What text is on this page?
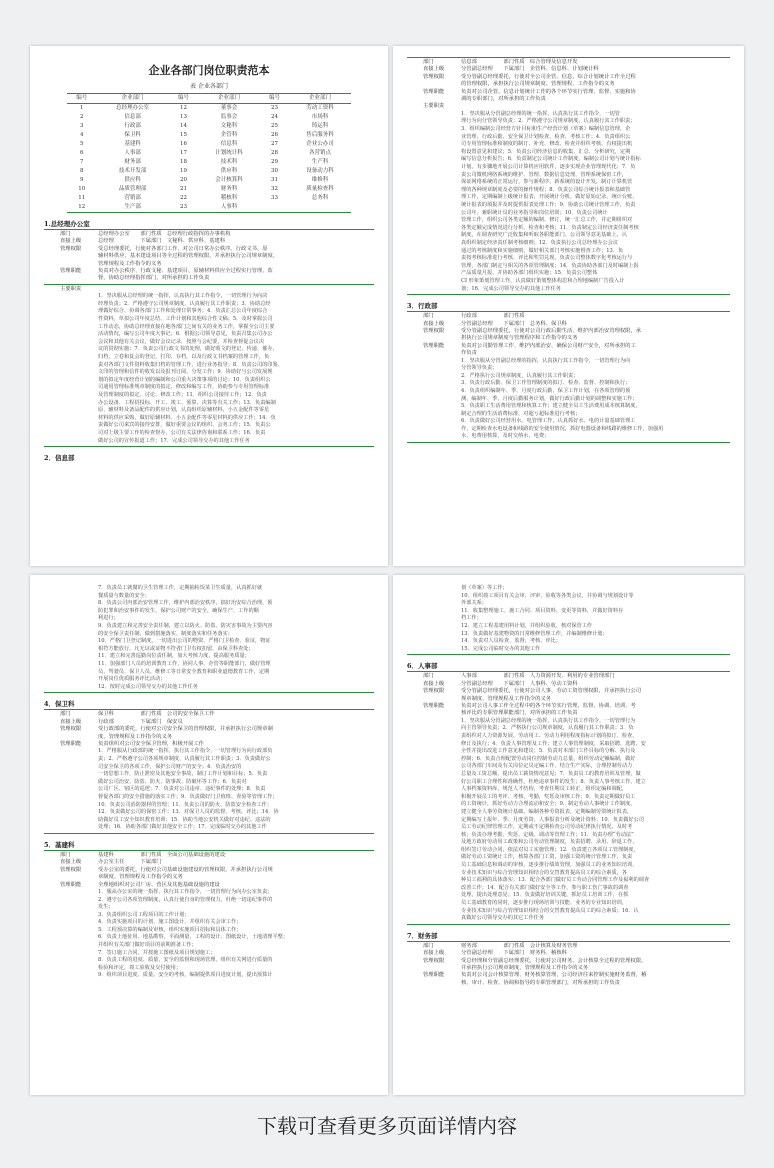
企业各部门岗位职责范本
表 企业各部门
编号	企业部门	编号	企业部门	编号	企业部门
1	总经理办公室	12	董事会	23	劳动工资科
2	信息部	13	监事会	24	市场科
3	行政部	14	文秘科	25	铸运科
4	保卫科	15	企管科	26	售后服务科
5	基建科	16	信息科	27	企业公办司
6	人事部	17	计划统计科	28	各营销点
7	财务部	18	技术科	29	生产科
8	技术开发部	19	供应科	30	设备动力科
9	供应科	20	会计核算科	31	维修科
10	品质管理部	21	财务科	32	质量检查科
11	营销部	22	稽核科	33	总务科
12	生产部	23	人事科		
1.总经理办公室
部门	总经理办公室　　部门性质　总经理行政指挥的办事机构
直接上级	总经理　　　　　下属部门　文秘科、供应科、基建科
管理权限	受总经理委托，行使对各部门工作、对公司日常办公秩序、行政文书、原
辅材料供应、基本建设项目等全过程的管理权限，并承担执行公司规章制度、
管理规程及工作指令的义务
管理职能	负责对办公秩序、行政文秘、基建项目、原辅材料供应全过程实行管理、监
督，协助总经理指挥部门，对所承担的工作负责
主要职责
1．坚决服从总经理的统一指挥，认真执行其工作指令，一切管理行为向决
经理负责；2．严格遵守公司规章制度，认真履行其工作职责；3．协助总经
理做好综合、协调各部门工作和处理日常事务；4．负责汇总公司年度综合
性资料，草拟公司年度总结、工作计划和其他综合性文稿；5．及时掌握公司
工作动态，协助总经理直接在地各部门之间有关的业务工作，掌握全公司主要
活动情况，编写公司年度大事记；6．根据公司领导意见，负责召集公司办公
会议和其他有关会议，做好会议记录，按照与会纪要，并检查督促会议决
议的贯彻实施；7．负责公司行政文书的处理，做好收文的登记、传递、催办、
归档，立卷和复会的登记、打印、存档，以及行政文书档案的管理工作，负
责对各部门文件资料收集归档的管理工作，进行业务指导；8．负责公司的印鉴、
文印的管理和信件的收发以及报刊订阅、分发工作；9．协助好与公司发展规
划的拟定年度经营计划的编制和公司重大决策事项的讨论；10．负责组织公
司通用管理标准规章制度的拟定、修改和编写工作，协助参与专用管理标准
及管理制度的拟定、讨论、修改工作；11．组织公司接待工作；12．负责
办公设备、工程招投标、开工、竣工、预算、决算等有关工作；13．负责编制
原、辅材料及备品配件的供应计划，认真组织原辅材料，小五金配件等零星
材料的供应采购，做好原辅材料、小五金配件等零星材料的供应工作；14．负
责做好公司来宾的接待安排，做好重要会议的组织、会务工作；15．负责公
司对上级主要工作的检查督办，公司有关法律咨询和联系工作；16．负责
做好公司的宣传报道工作；17．完成公司领导交办的其他工作任务
2．信息部
部门	信息部　　　　　部门性质　综合管理及信息开发
直接上级	分管副总经理　　下属部门　企管科、信息科、计划统计科
管理权限	受分管副总经理委托，行使对全公司企管、信息、综合计划统计工作全过程
的管理权限，承担执行公司规章制度、管理规程、工作指令的义务
管理职能	负责对公司企管、信息计划统计工作的各个环节实行管理、监督、实施和协
调的专职部门，对所承担的工作负责
主要职责
1．坚决服从分管副总经理的统一指挥，认真执行其工作指令，一切管
理行为向分管领导负责；2．严格遵守公司规章制度，认真履行其工作职责；
3．组织编制公司经营方针目标和生产经营计划（草案）编制信息管理、企
业管理、行政后勤、安全保卫计划检查、检查、考核工作；4．负责组织公
司专用管理标准和制度的制订、补充、修改、检查并组织考核，有权提出机
构设置意见和建议；5．负责公司经济信息的收集、汇总、分析研究，定期
编写信息分析报告；6．负责制定公司统计工作制度，编制公司计划与统计指标
计划，有步骤地开展公司计算机应用软件，逐步实现企业管理现代化；7．负
责公司微机网络系统的维护、管理、数据信息处理，管理系统保密工作，
保证网络系统的正常运行，参与新程序，新系统的设计开发，制订计算机管
理的各种规章制度及必要的操作规程；8．负责公司综合统计报表和基础管
理工作，定期编制上级统计报表，开展统计分析，做好原始记录、统计台账、
统计报表的填报并及时提供报表处理工作；9．协助公司统计管理工作，负责
公司年、兼职统计员的业务指导和岗位培训；10．负责公司统计
管理工作，组织公司各类定额的编制、修订，统一汇总工作，并定期组织对
各类定额完成情况进行分析、检查和考核；11．负责制定公司经济责任制考核
制度，在调查研究广泛收集和听取各职能部门、公司领导意见基础上，认
真组织制定经济责任制考核细则；12．负责执行公司总经理办公会议
通过的考核制度和实施细则，做好相关部门考核实施督查工作；13．负
责按考核标准进行考核、评比和奖罚兑现，负责公司整体数字化考核运行与
管理，各部门制定与相关的各项管理制度；14．负责协助各部门及时编制上报
产品质量月报，并协助各部门组织实施；15．负责公司整体
CI 形象策划管理工作，认真做好策划整体构思和合理地编制广告投入计
划；16．完成公司领导交办的其他工作任务
3．行政部
部门	行政部　　　　　部门性质
直接上级	分管副总经理　　下属部门　总务科、保卫科
管理权限	受分管副总经理委托，行使对公司行政后勤生活、维护内部治安管理权限，承
担执行公司规章制度与管理程序和工作指令的义务
管理职能	负责对公司勤管理工作、维护内部治安、确保公司财产安全，对所承担的工
作负责
1．坚决服从分管副总经理的指挥，认真执行其工作指令，一切管理行为向
分管领导负责；
2．严格执行公司规章制度，认真履行其工作职责；
3．负责行政后勤、保卫工作管理制度的拟订、检查、监督、控制和执行；
4．负责组织编制年、季、月度行政后勤、保卫工作计划，在各项管理的预
测、编制年、季、月度后勤服务计划，做好行政后勤计划的调整和实施工作；
5．负责职工生活费用管理和核算工作；建立健全员工生活费用成本核算制度，
制定合理的生活消费标准，对超亏超标准进行考核；
6．负责做好公司经营用水、电管理工作，认真抓好水、电的计量基础管理工
作，定期检查水电设备和线路的安全使用情况，抓好电器设备和线路的维修工作，加强用
水、电费用核算，及时交纳水、电费；
7．负责员工就餐的卫生管理工作，定期抽检饭菜卫生质量，认真抓好就
餐质量与数量的安全；
8．负责公司内部治安管理工作，维护内部治安秩序，搞好治安综合治理，预
防犯罪和治安事件的发生，保护公司财产的安全，确保生产、工作的顺
利进行；
9．负责建立和完善安全责任制，建立以防火、防盗、防灾害事故为主要内容
的安全保卫责任制，做到措施落实、制度落实和任务落实；
10．严格门卫登记制度，一切进出公司的物资、严格门卫检查、验证，物证
相符方能放行，凡无证或证物不符者门卫有权扣留，由保卫科查处；
11．建立和完善巡勤岗位责任制，加大考核力度，提高服务质量；
11．加强部门人员的培训教育工作，协同人事、企管等职能部门，做好管理
员、驾驶员、保卫人员、维修工等日常安全教育和职业道德教育工作，定期
开展岗位优质服务评比活动；
12．按时完成公司领导交办的其他工作任务
4．保卫科
部门	保卫科　　　　　部门性质　公司的安全保卫工作
直接上级	行政部　　　　　下属部门　保安员
管理权限	受行政部的委托，行使对公司安全保卫的管理权限，并承担执行公司规章制
度、管理规程及工作指令的义务
管理职能	负责组织对公司安全保卫管理，积极开展工作
1．严格服从行政部的统一指挥，执行其工作指令，一切管理行为向行政部负
责；2．严格遵守公司各项规章制度，认真履行其工作职责；3．负责做好公
司安全保卫的各项工作，保护公司财产的安全；4．负责治安的
一切思想工作，防止泄密及其他安全事故，制订工作计划和目标；5．负责
做好公司治安、防盗、防火、防事故、防破坏等工作；6．负责对
公司厂区、宿区的巡逻；7．负责对公司违章、违纪事件的处理；8．负责
督促各部门的安全措施的落实工作；9．负责做好门卫值班、查验等管理工作；
10．负责公司消防器材的管理；11．负责公司的防火、防盗安全检查工作；
12．负责做好公司的保密工作；13．对保卫人员的监督、考核、评比；14．协
助做好员工安全知识教育培训；15．协助当地公安机关做好对违纪、违法的
处理；16．协助各部门做好其他安全工作；17．完成临时交办的其他工作
5．基建科
部门	基建科　　　　　部门性质　全面公司基础设施的建设
直接上级	办公室主任　　　下属部门
管理权限	受办公室的委托，行使对公司基础设施建设的管理权限，并承担执行公司规
章制度、管理规程及工作指令的义务
管理职能	全理地组织对公司厂房、营区及其他基础设施的建设
1．服从办公室的统一指挥，执行其工作指令，一切管理行为向办公室负责；
2．遵守公司各项管理制度，认真行使自身的管理权力，杜绝一切违纪事件的
发生；
3．负责组织公司工程项目的工作计划；
4．负责实施项目的计划、施工图设计，并组织有关会审工作；
5．工程预决算的编制及审核，组织实施项目招标和具体工作；
6．负责土地征用、地基勘察，平面测量，工程的设计、图纸设计，土地清理平整；
并组织有关部门做好项目的前期准备工作；
7．签订施工合同，并按施工图纸及项目规划施工；
8．负责工程的进度、质量、安全的监督和现场管理，组织有关网进行质量的
检验和评定，竣工验收及交付使用；
9．组织项目进度、质量、安全的考核，编制提供项目进度计划，提出预算计
划（草案）等工作；
10．组织竣工项目有关会审、评审、验收等各类会议，并协调与规划设计等
外部关系；
11．收集整理施工、施工合同、项目资料、变更等资料，并做好资料存
档工作；
12．建立工程基建用料计划，并组织验收、核对保管工作
13．负责做好基建物资的日常维修管理工作，并编制维修计划；
14．负责对人员检查、监督、考核、评比；
15．完成公司临时交办的其他工作
6．人事部
部门	人事部　　　　　部门性质　人力资源开发、利用的专业管理部门
直接上级	分管副总经理　　下属部门　人事科、劳动工资科
管理权限	受分管副总经理委托，行使对公司人事、劳动工资管理权限，并承担执行公司
规章制度、管理规程及工作指令的义务
管理职能	负责对公司人事工作全过程中的各个环节实行管理、监督、协调、培训、考
核评比的专职管理职能部门，对所承担的工作负责
1．坚决服从分管副总经理的统一指挥，认真执行其工作指令，一切管理行为
向主管领导负责；2．严格执行公司规章制度，认真履行其工作职责；3．负
责组织对人力资源发展、劳动用工、劳动力利用程度指标计划的拟订、检查、
修订及执行；4．负责人事管理及工作；建立人事管理制度，采取招聘、选聘、安
全性并提出改进工作意见和建议；5．负责对本部门工作目标的分解、执行及
控制；6．负责合理配置劳动岗位控制劳动力总量，组织劳动定额编制，做好
公司各部门车间及有关岗位定员定编工作，结合生产实际，合理控制劳动力
总量及工资总额，提出员工薪资情况意见；7．负责员工的教育培训及管理，做
好公司职工合理性和准确性，杜绝违章事件的发生；8．负责人事考核工作，建立
人事档案资料库，规范人才结构，考查任期员工转正、组织定编和调配，
积极开展员工的考评、考核、考勤，奖惩及审核工作；9．负责定期做好员工
的工资统计，抓好劳动力合理流动和安全；9．制定劳动人事统计工作制度，
建立健全人事劳资统计基础，编制各种劳资报表，定期编制劳资统计报表，
定期编写上报年、季、月度劳资、人事报表分析及统计资料；10．负责做好公司
员工劳动纪律管理工作，定期或不定期检查公司劳动纪律执行情况，及时考
核；负责办理考勤、奖惩、定级、调动等管理工作；11．负责办理“劳动法”
及地方政府劳动用工政策和公司劳动管理制度，负责招聘、录用、辞退工作，
组织签订劳动合同，依法对员工实施管理；12．负责建立各项员工管理制度，
做好劳动工资统计工作，核算各部门工资，加强工资的统计管理工作，负责
员工基础信息和调动的审核，逐步推行绩效管理，加强员工的业务知识培训，
专业技术知识与综合管理知识相结合的交替教育提高员工的综合素质，各
种员工福利的具体落实；13．配合各部门做好员工劳动合同管理工作及福利的调查
改善工作；14．配合有关部门做好安全等工作，参与职工伤亡事故的调查
处理，提出处理意见；15．负责做好培训关键，抓好员工培训工作，在抓
员工基础教育的同时，逐步推行现场培训与技能、业务的专业知识培训，
专业技术知识与综合管理知识相结合的交替教育提高员工的综合素质；16．认
真做好公司领导交办的其它工作任务
7．财务部
部门	财务部　　　　　部门性质　会计核算及财务管理
直接上级	分管副总经理　　下属部门　财务科、稽核科
管理权限	受总经理和分管副总经理委托，行使对公司财务、会计核算全过程的管理权限，
并承担执行公司规章制度、管理规程及工作指令的义务
管理职能	负责对公司会计核算管理、财务核算管理，公司经济往来控制实施财务监督，稽
核、审计、检查、协调和指导的专职管理部门，对所承担的工作负责
下载可查看更多页面详情内容
